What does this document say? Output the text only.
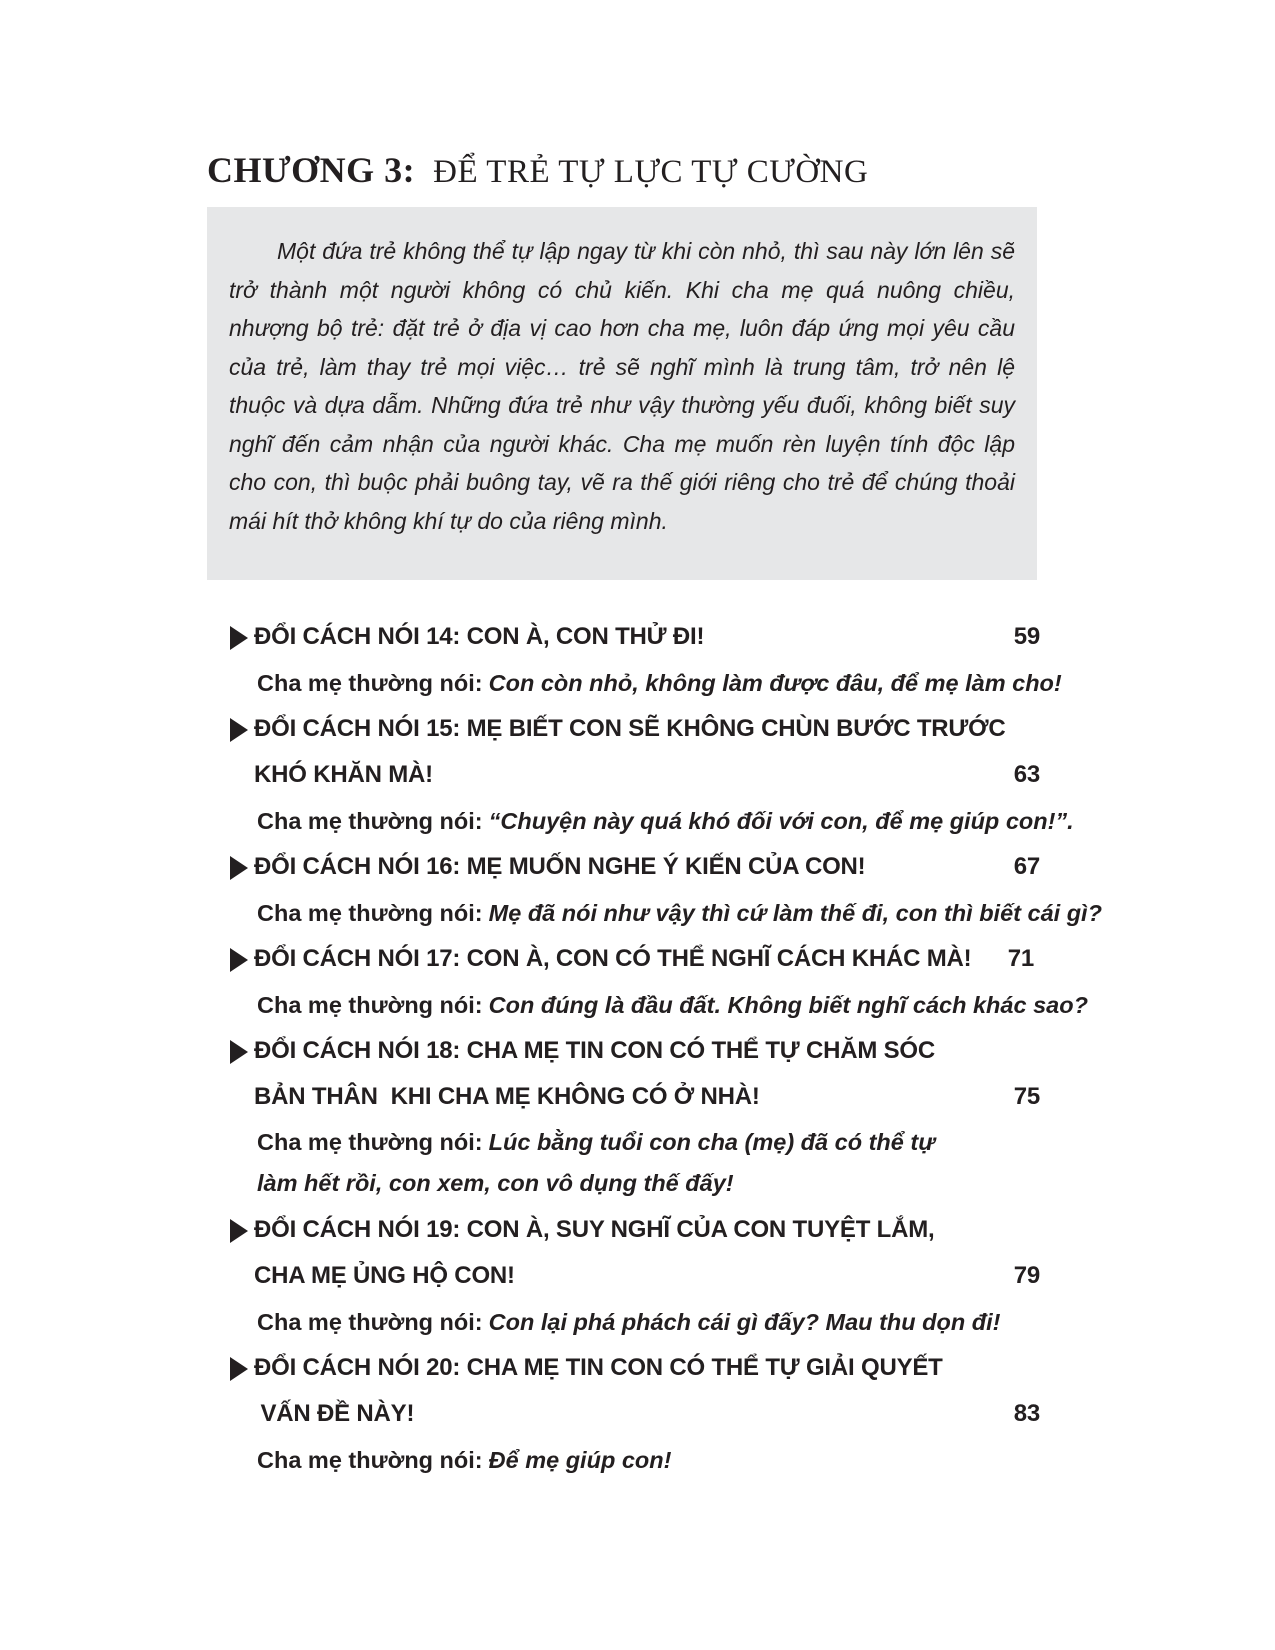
CHƯƠNG 3: ĐỂ TRẺ TỰ LỰC TỰ CƯỜNG

Một đứa trẻ không thể tự lập ngay từ khi còn nhỏ, thì sau này lớn lên sẽ trở thành một người không có chủ kiến. Khi cha mẹ quá nuông chiều, nhượng bộ trẻ: đặt trẻ ở địa vị cao hơn cha mẹ, luôn đáp ứng mọi yêu cầu của trẻ, làm thay trẻ mọi việc… trẻ sẽ nghĩ mình là trung tâm, trở nên lệ thuộc và dựa dẫm. Những đứa trẻ như vậy thường yếu đuối, không biết suy nghĩ đến cảm nhận của người khác. Cha mẹ muốn rèn luyện tính độc lập cho con, thì buộc phải buông tay, vẽ ra thế giới riêng cho trẻ để chúng thoải mái hít thở không khí tự do của riêng mình.

ĐỔI CÁCH NÓI 14: CON À, CON THỬ ĐI!	59
Cha mẹ thường nói: Con còn nhỏ, không làm được đâu, để mẹ làm cho!
ĐỔI CÁCH NÓI 15: MẸ BIẾT CON SẼ KHÔNG CHÙN BƯỚC TRƯỚC
KHÓ KHĂN MÀ!	63
Cha mẹ thường nói: “Chuyện này quá khó đối với con, để mẹ giúp con!”.
ĐỔI CÁCH NÓI 16: MẸ MUỐN NGHE Ý KIẾN CỦA CON!	67
Cha mẹ thường nói: Mẹ đã nói như vậy thì cứ làm thế đi, con thì biết cái gì?
ĐỔI CÁCH NÓI 17: CON À, CON CÓ THỂ NGHĨ CÁCH KHÁC MÀ! 71
Cha mẹ thường nói: Con đúng là đầu đất. Không biết nghĩ cách khác sao?
ĐỔI CÁCH NÓI 18: CHA MẸ TIN CON CÓ THỂ TỰ CHĂM SÓC
BẢN THÂN  KHI CHA MẸ KHÔNG CÓ Ở NHÀ!	75
Cha mẹ thường nói: Lúc bằng tuổi con cha (mẹ) đã có thể tự làm hết rồi, con xem, con vô dụng thế đấy!
ĐỔI CÁCH NÓI 19: CON À, SUY NGHĨ CỦA CON TUYỆT LẮM,
CHA MẸ ỦNG HỘ CON!	79
Cha mẹ thường nói: Con lại phá phách cái gì đấy? Mau thu dọn đi!
ĐỔI CÁCH NÓI 20: CHA MẸ TIN CON CÓ THỂ TỰ GIẢI QUYẾT
VẤN ĐỀ NÀY!	83
Cha mẹ thường nói: Để mẹ giúp con!
